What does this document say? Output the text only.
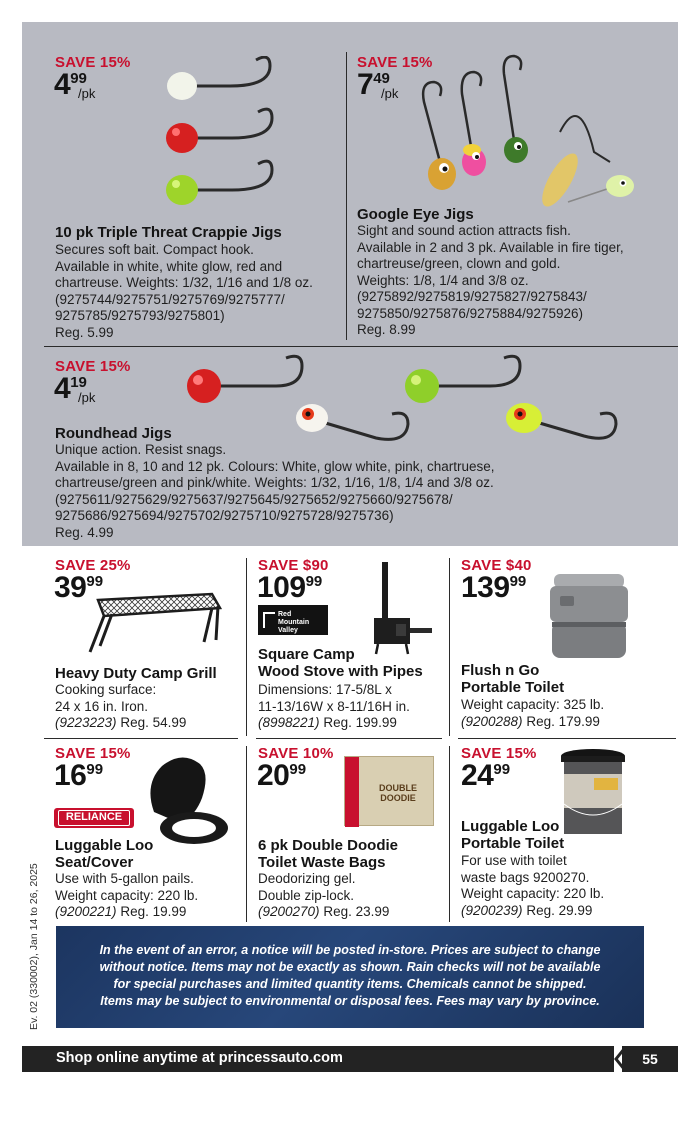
SAVE 15%
499
/pk
10 pk Triple Threat Crappie Jigs
Secures soft bait. Compact hook.
Available in white, white glow, red and
chartreuse. Weights: 1/32, 1/16 and 1/8 oz.
(9275744/9275751/9275769/9275777/
9275785/9275793/9275801)
Reg. 5.99
SAVE 15%
749
/pk
Google Eye Jigs
Sight and sound action attracts fish.
Available in 2 and 3 pk. Available in fire tiger,
chartreuse/green, clown and gold.
Weights: 1/8, 1/4 and 3/8 oz.
(9275892/9275819/9275827/9275843/
9275850/9275876/9275884/9275926)
Reg. 8.99
SAVE 15%
419
/pk
Roundhead Jigs
Unique action. Resist snags.
Available in 8, 10 and 12 pk. Colours: White, glow white, pink, chartruese,
chartreuse/green and pink/white. Weights: 1/32, 1/16, 1/8, 1/4 and 3/8 oz.
(9275611/9275629/9275637/9275645/9275652/9275660/9275678/
9275686/9275694/9275702/9275710/9275728/9275736)
Reg. 4.99
SAVE 25%
3999
Heavy Duty Camp Grill
Cooking surface:
24 x 16 in. Iron.
(9223223) Reg. 54.99
SAVE $90
10999
Red Mountain Valley
Square Camp
Wood Stove with Pipes
Dimensions: 17-5/8L x
11-13/16W x 8-11/16H in.
(8998221) Reg. 199.99
SAVE $40
13999
Flush n Go
Portable Toilet
Weight capacity: 325 lb.
(9200288) Reg. 179.99
SAVE 15%
1699
RELIANCE
Luggable Loo
Seat/Cover
Use with 5-gallon pails.
Weight capacity: 220 lb.
(9200221) Reg. 19.99
SAVE 10%
2099
RELIANCE	DOUBLE DOODIE
6 pk Double Doodie
Toilet Waste Bags
Deodorizing gel.
Double zip-lock.
(9200270) Reg. 23.99
SAVE 15%
2499
Luggable Loo
Portable Toilet
For use with toilet
waste bags 9200270.
Weight capacity: 220 lb.
(9200239) Reg. 29.99
In the event of an error, a notice will be posted in-store. Prices are subject to change
without notice. Items may not be exactly as shown. Rain checks will not be available
for special purchases and limited quantity items. Chemicals cannot be shipped.
Items may be subject to environmental or disposal fees. Fees may vary by province.
Ev. 02 (330002), Jan 14 to 26, 2025
Shop online anytime at princessauto.com	55
